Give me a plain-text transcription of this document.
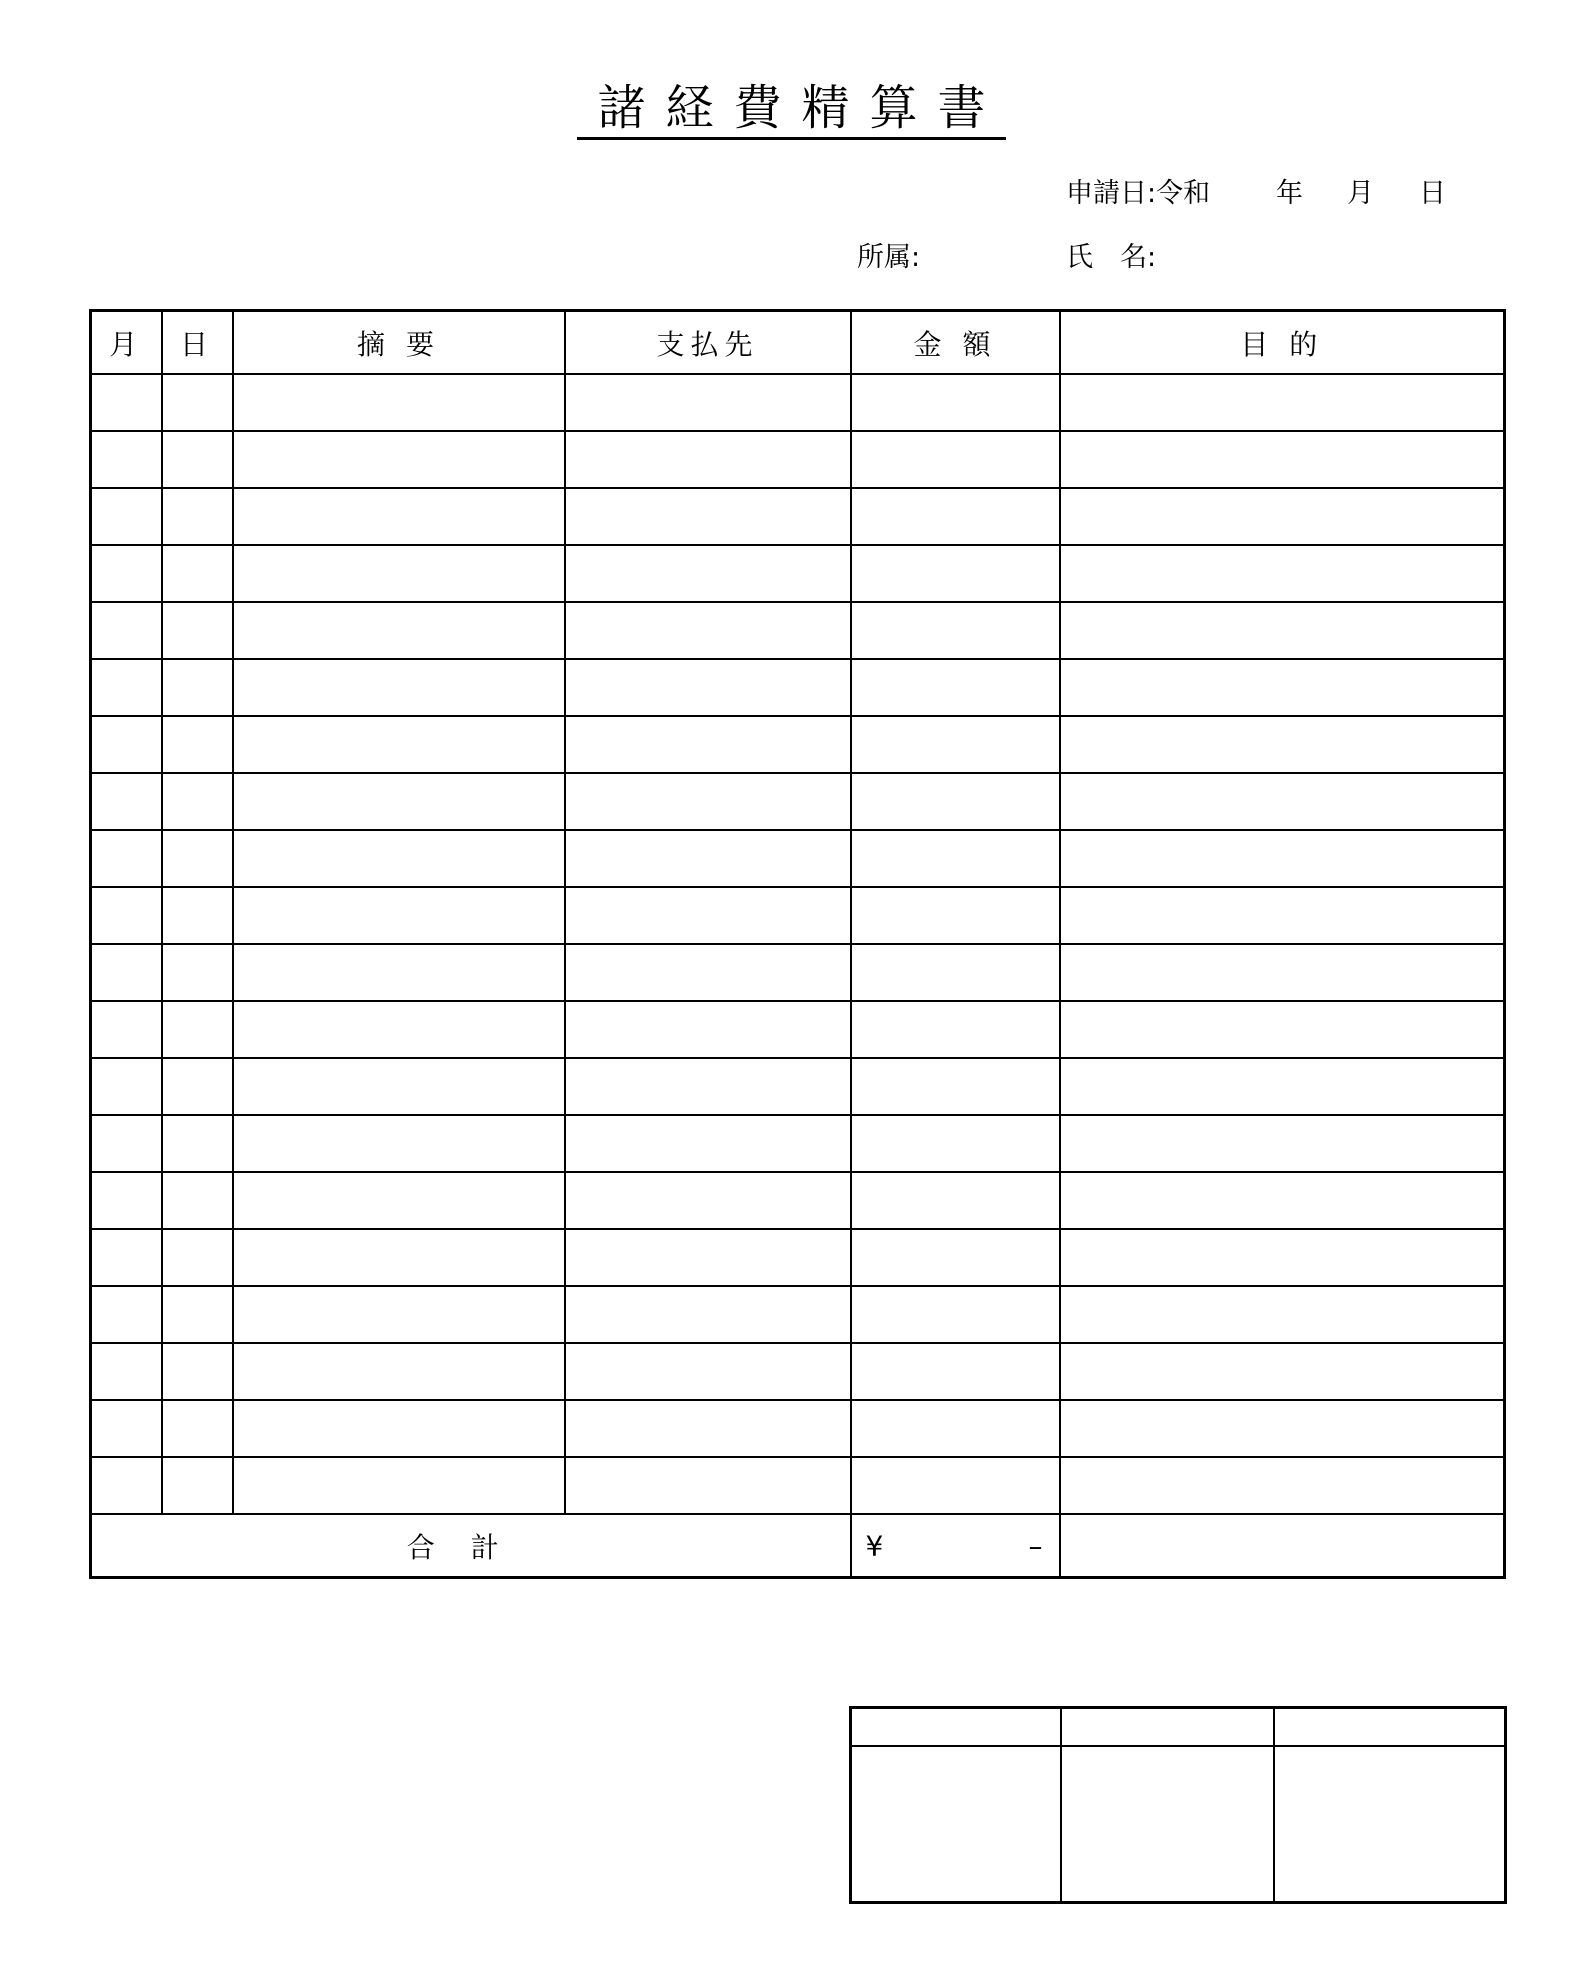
諸経費精算書
申請日:令和 年 月 日
所属:	氏　名:
月	日	摘 要	支払先	金 額	目 的

合計				¥ –	
